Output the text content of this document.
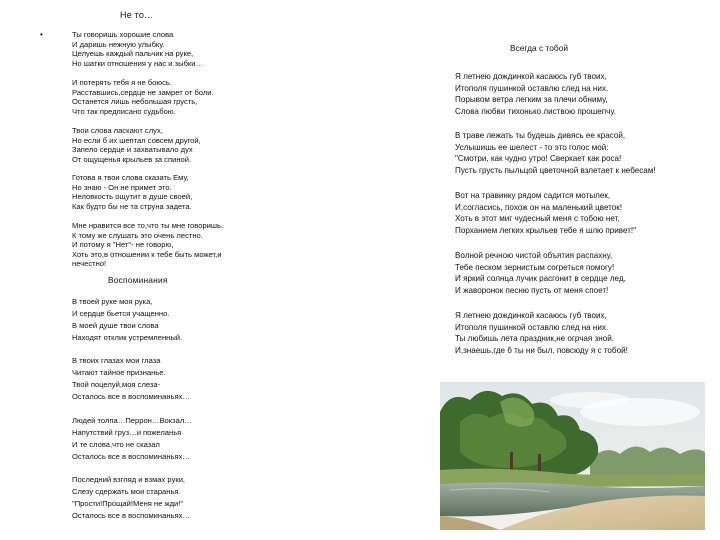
Не то…
•	Ты говоришь хорошие слова
И даришь нежную улыбку.
Целуешь каждый пальчик на руке,
Но шатки отношения у нас и зыбки…
И потерять тебя я не боюсь.
Расставшись,сердце не замрет от боли.
Останется лишь небольшая грусть,
Что так предписано судьбою.
Твои слова ласкают слух,
Но если б их шептал совсем другой,
Запело сердце и захватывало дух
От ощущенья крыльев за спиной.
Готова я твои слова сказать Ему,
Но знаю - Он не примет это.
Неловкость ощутит в душе своей,
Как будто бы не та струна задета.
Мне нравится все то,что ты мне говоришь.
К тому же слушать это очень лестно.
И потому я "Нет"- не говорю,
Хоть это,в отношении к тебе быть может,и
нечестно!
Воспоминания
В твоей руке моя рука,
И сердце бьется учащенно.
В моей душе твои слова
Находят отклик устремленный.
В твоих глазах мои глаза
Читают тайное признанье.
Твой поцелуй,моя слеза-
Осталось все в воспоминаньях…
Людей толпа…Перрон…Вокзал…
Напутствий груз…и пожеланья
И те слова,что не сказал
Осталось все в воспоминаньях…
Последний взгляд и взмах руки,
Слезу сдержать мои старанья.
"Прости!Прощай!Меня не жди!"
Осталось все в воспоминаньях…
Всегда с тобой
Я летнею дождинкой касаюсь губ твоих,
Итополя пушинкой оставлю след на них.
Порывом ветра легким за плечи обниму,
Слова любви тихонько листвою прошепчу.
В траве лежать ты будешь дивясь ее красой,
Услышишь ее шелест - то это голос мой:
"Смотри, как чудно утро! Сверкает как роса!
Пусть грусть пыльцой цветочной взлетает к небесам!
Вот на травинку рядом садится мотылек,
И,согласись, похож он на маленький цветок!
Хоть в этот миг чудесный меня с тобою нет,
Порханием легких крыльев тебе я шлю привет!"
Волной речною чистой объятия распахну,
Тебе песком зернистым согреться помогу!
И яркий солнца лучик расгонит в сердце лед,
И жаворонок песню пусть от меня споет!
Я летнею дождинкой касаюсь губ твоих,
Итополя пушинкой оставлю след на них.
Ты любишь лета праздник,не огрчая зной.
И,знаешь,где б ты ни был, повсюду я с тобой!
